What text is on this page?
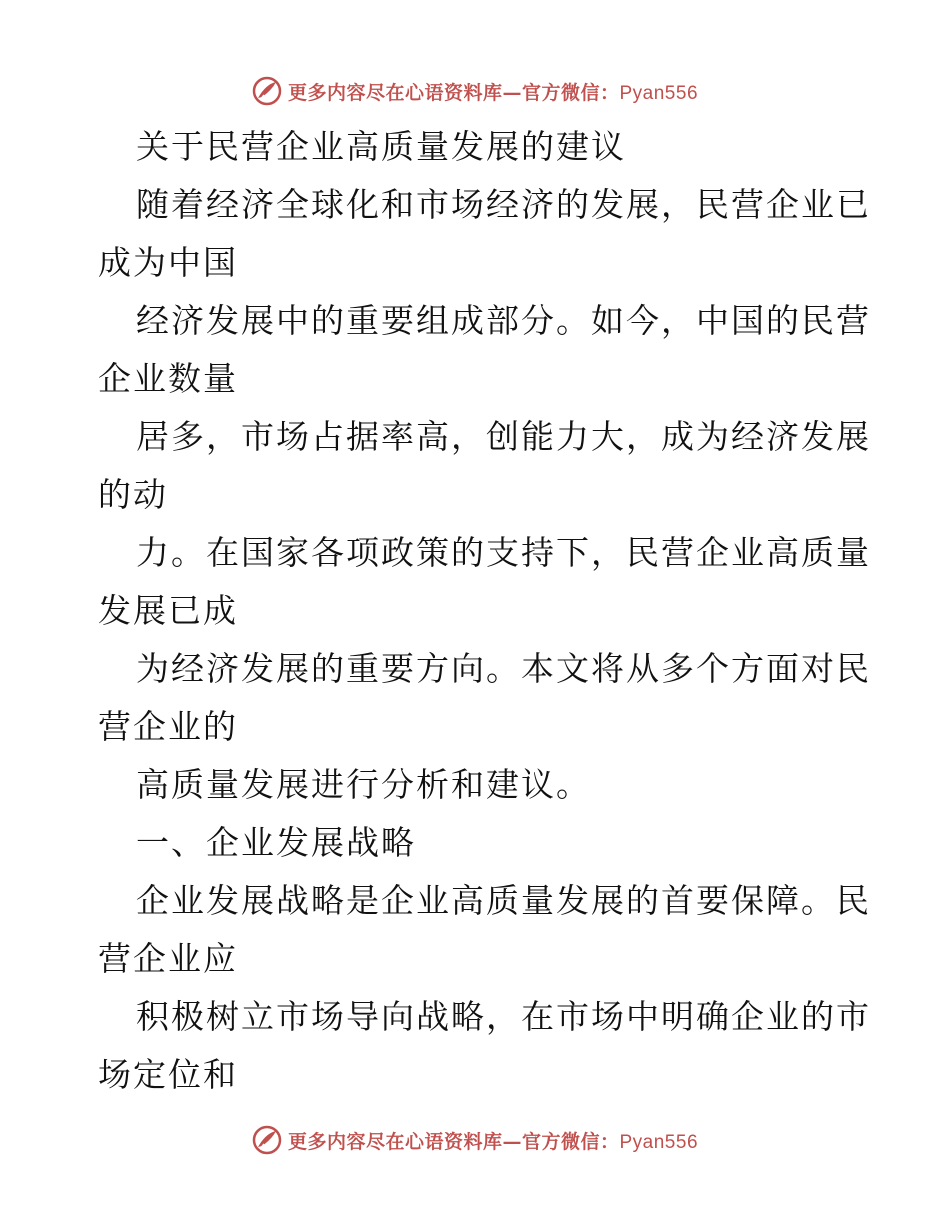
更多内容尽在心语资料库—官方微信：Pyan556
关于民营企业高质量发展的建议
随着经济全球化和市场经济的发展，民营企业已
成为中国
经济发展中的重要组成部分。如今，中国的民营
企业数量
居多，市场占据率高，创能力大，成为经济发展
的动
力。在国家各项政策的支持下，民营企业高质量
发展已成
为经济发展的重要方向。本文将从多个方面对民
营企业的
高质量发展进行分析和建议。
一、企业发展战略
企业发展战略是企业高质量发展的首要保障。民
营企业应
积极树立市场导向战略，在市场中明确企业的市
场定位和
更多内容尽在心语资料库—官方微信：Pyan556
